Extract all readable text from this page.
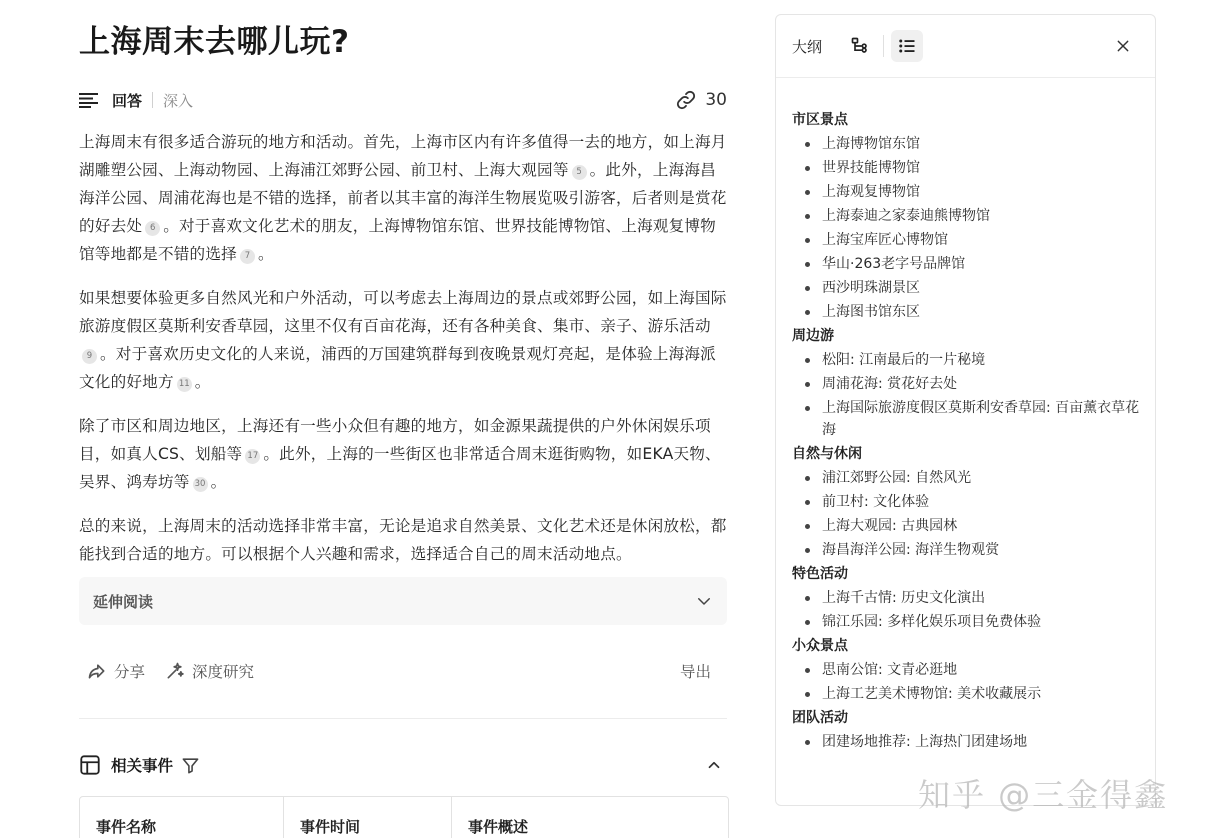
上海周末去哪儿玩?
回答 深入	30

上海周末有很多适合游玩的地方和活动。首先，上海市区内有许多值得一去的地方，如上海月湖雕塑公园、上海动物园、上海浦江郊野公园、前卫村、上海大观园等 5 。此外，上海海昌海洋公园、周浦花海也是不错的选择，前者以其丰富的海洋生物展览吸引游客，后者则是赏花的好去处 6 。对于喜欢文化艺术的朋友，上海博物馆东馆、世界技能博物馆、上海观复博物馆等地都是不错的选择 7 。

如果想要体验更多自然风光和户外活动，可以考虑去上海周边的景点或郊野公园，如上海国际旅游度假区莫斯利安香草园，这里不仅有百亩花海，还有各种美食、集市、亲子、游乐活动9 。对于喜欢历史文化的人来说，浦西的万国建筑群每到夜晚景观灯亮起，是体验上海海派文化的好地方 11 。

除了市区和周边地区，上海还有一些小众但有趣的地方，如金源果蔬提供的户外休闲娱乐项目，如真人CS、划船等 17 。此外，上海的一些街区也非常适合周末逛街购物，如EKA天物、吴界、鸿寿坊等 30 。

总的来说，上海周末的活动选择非常丰富，无论是追求自然美景、文化艺术还是休闲放松，都能找到合适的地方。可以根据个人兴趣和需求，选择适合自己的周末活动地点。

延伸阅读
分享	深度研究	导出
相关事件
事件名称	事件时间	事件概述
大纲
市区景点
上海博物馆东馆
世界技能博物馆
上海观复博物馆
上海泰迪之家泰迪熊博物馆
上海宝库匠心博物馆
华山·263老字号品牌馆
西沙明珠湖景区
上海图书馆东区
周边游
松阳: 江南最后的一片秘境
周浦花海: 赏花好去处
上海国际旅游度假区莫斯利安香草园: 百亩薰衣草花海
自然与休闲
浦江郊野公园: 自然风光
前卫村: 文化体验
上海大观园: 古典园林
海昌海洋公园: 海洋生物观赏
特色活动
上海千古情: 历史文化演出
锦江乐园: 多样化娱乐项目免费体验
小众景点
思南公馆: 文青必逛地
上海工艺美术博物馆: 美术收藏展示
团队活动
团建场地推荐: 上海热门团建场地
知乎 @三金得鑫
